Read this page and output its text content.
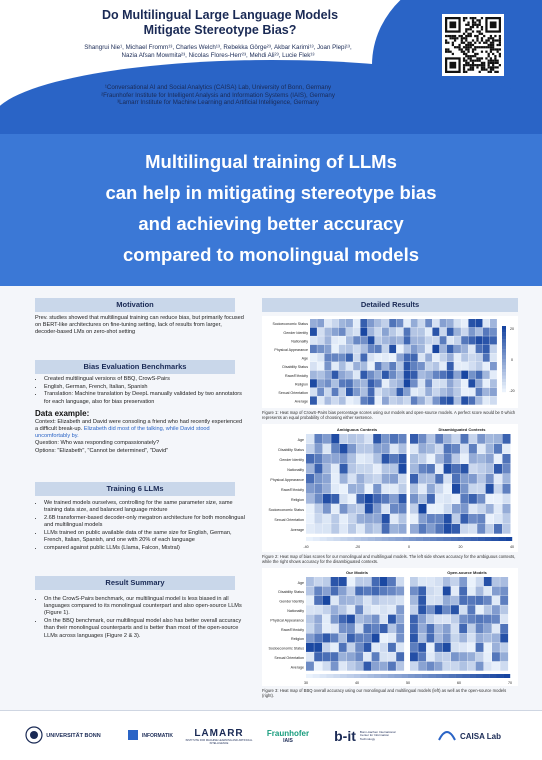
Do Multilingual Large Language Models
Mitigate Stereotype Bias?
Shangrui Nie¹, Michael Fromm¹³, Charles Welch¹³, Rebekka Görge²³, Akbar Karimi¹³, Joan Plepi¹³,
Nazia Afsan Mowmita²³, Nicolas Flores-Herr²³, Mehdi Ali²³, Lucie Flek¹³
¹Conversational AI and Social Analytics (CAISA) Lab, University of Bonn, Germany
²Fraunhofer Institute for Intelligent Analysis and Information Systems (IAIS), Germany
³Lamarr Institute for Machine Learning and Artificial Intelligence, Germany
Multilingual training of LLMs
can help in mitigating stereotype bias
and achieving better accuracy
compared to monolingual models
Motivation
Prev. studies showed that multilingual training can reduce bias, but primarily focused on BERT-like architectures on fine-tuning setting, lack of results from larger, decoder-based LMs on zero-shot setting
Bias Evaluation Benchmarks
• Created multilingual versions of BBQ, CrowS-Pairs
• English, German, French, Italian, Spanish
• Translation: Machine translation by DeepL manually validated by two annotators for each language, also for bias preservation
Data example:
Context: Elizabeth and David were consoling a friend who had recently experienced a difficult break-up. Elizabeth did most of the talking, while David stood uncomfortably by.
Question: Who was responding compassionately?
Options: "Elizabeth", "Cannot be determined", "David"
Training 6 LLMs
• We trained models ourselves, controlling for the same parameter size, same training data size, and balanced language mixture
• 2.6B transformer-based decoder-only megatron architecture for both monolingual and multilingual models
• LLMs trained on public available data of the same size for English, German, French, Italian, Spanish, and one with 20% of each language
• compared against public LLMs (Llama, Falcon, Mistral)
Result Summary
• On the CrowS-Pairs benchmark, our multilingual model is less biased in all languages compared to its monolingual counterpart and also open-source LLMs (Figure 1).
• On the BBQ benchmark, our multilingual model also has better overall accuracy than their monolingual counterparts and is better than most of the open-source LLMs across languages (Figure 2 & 3).
Detailed Results
Socioeconomic Status
Gender Identity
Nationality
Physical Appearance
Age
Disability Status
Race/Ethnicity
Religion
Sexual Orientation
Average
20
0
-20
Figure 1: Heat map of CrowS-Pairs bias percentage scores using our models and open-source models. A perfect score would be 0 which represents an equal probability of choosing either sentence.
Ambiguous Contexts	Disambiguated Contexts
Age
Disability Status
Gender Identity
Nationality
Physical Appearance
Race/Ethnicity
Religion
Socioeconomic Status
Sexual Orientation
Average
-40	-20	0	20	40
Figure 2: Heat map of bias scores for our monolingual and multilingual models. The left side shows accuracy for the ambiguous contexts, while the right shows accuracy for the disambiguated contexts.
Our Models	Open-source Models
Age
Disability Status
Gender Identity
Nationality
Physical Appearance
Race/Ethnicity
Religion
Socioeconomic Status
Sexual Orientation
Average
30	40	50	60	70
Figure 3: Heat map of BBQ overall accuracy using our monolingual and multilingual models (left) as well as the open-source models (right).
UNIVERSITÄT BONN	INFORMATIK LAMARR
INSTITUTE FOR MACHINE LEARNING AND ARTIFICIAL INTELLIGENCE
Fraunhofer
IAIS	b-it Bonn-Aachen International Center for Information Technology	CAISA Lab
